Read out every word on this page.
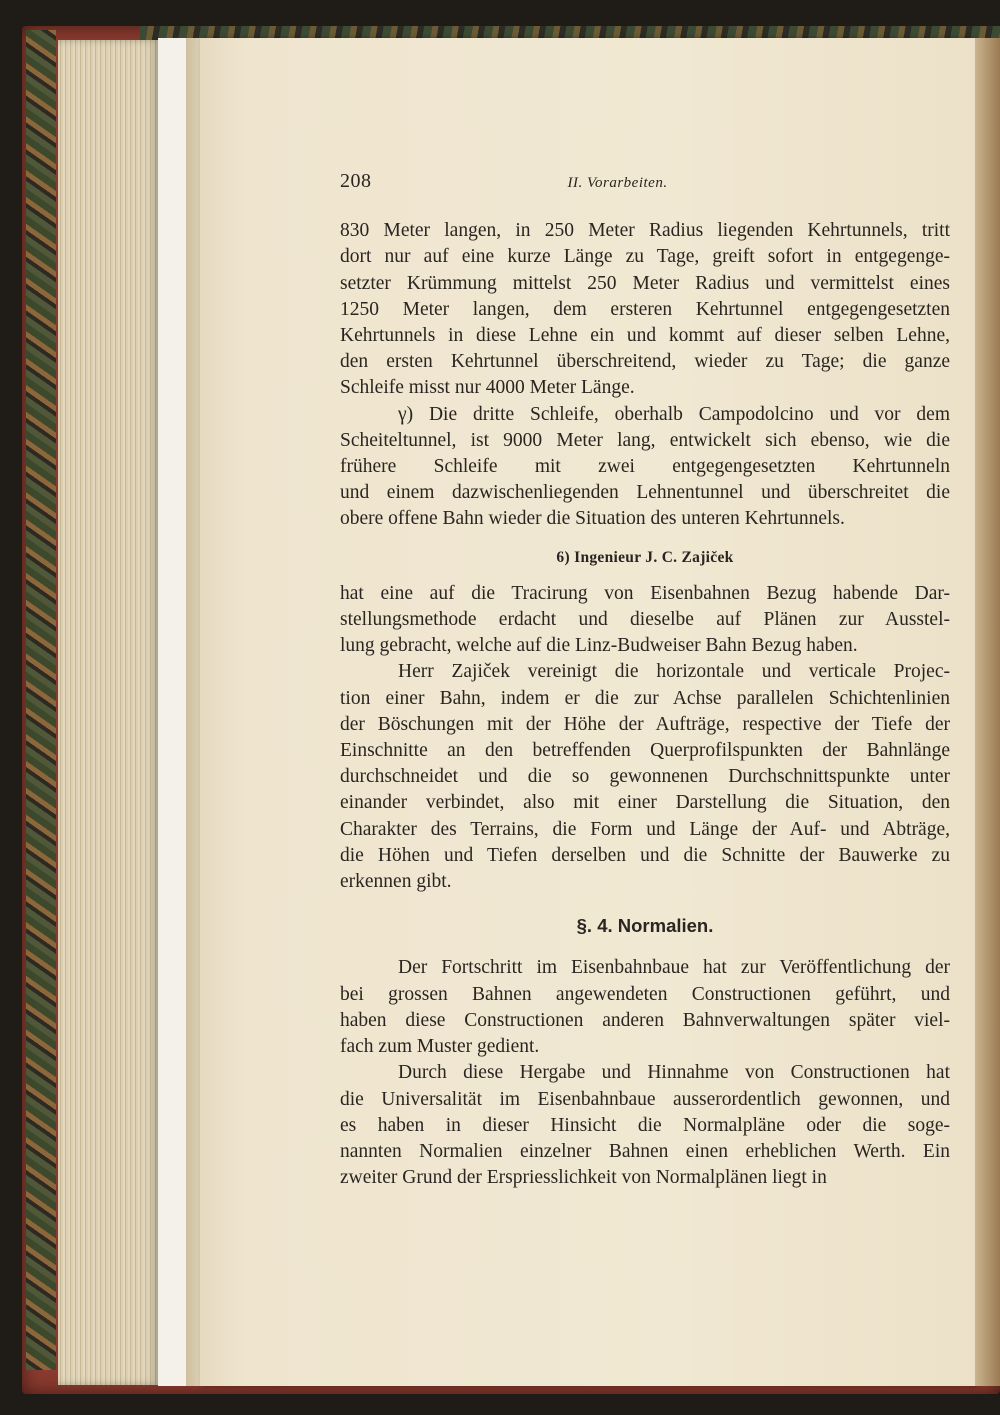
208	II. Vorarbeiten.
830 Meter langen, in 250 Meter Radius liegenden Kehrtunnels, tritt
dort nur auf eine kurze Länge zu Tage, greift sofort in entgegenge-
setzter Krümmung mittelst 250 Meter Radius und vermittelst eines
1250 Meter langen, dem ersteren Kehrtunnel entgegengesetzten
Kehrtunnels in diese Lehne ein und kommt auf dieser selben Lehne,
den ersten Kehrtunnel überschreitend, wieder zu Tage; die ganze
Schleife misst nur 4000 Meter Länge.
γ) Die dritte Schleife, oberhalb Campodolcino und vor dem
Scheiteltunnel, ist 9000 Meter lang, entwickelt sich ebenso, wie die
frühere Schleife mit zwei entgegengesetzten Kehrtunneln
und einem dazwischenliegenden Lehnentunnel und überschreitet die
obere offene Bahn wieder die Situation des unteren Kehrtunnels.
6) Ingenieur J. C. Zajiček
hat eine auf die Tracirung von Eisenbahnen Bezug habende Dar-
stellungsmethode erdacht und dieselbe auf Plänen zur Ausstel-
lung gebracht, welche auf die Linz-Budweiser Bahn Bezug haben.
Herr Zajiček vereinigt die horizontale und verticale Projec-
tion einer Bahn, indem er die zur Achse parallelen Schichtenlinien
der Böschungen mit der Höhe der Aufträge, respective der Tiefe der
Einschnitte an den betreffenden Querprofilspunkten der Bahnlänge
durchschneidet und die so gewonnenen Durchschnittspunkte unter
einander verbindet, also mit einer Darstellung die Situation, den
Charakter des Terrains, die Form und Länge der Auf- und Abträge,
die Höhen und Tiefen derselben und die Schnitte der Bauwerke zu
erkennen gibt.
§. 4. Normalien.
Der Fortschritt im Eisenbahnbaue hat zur Veröffentlichung der
bei grossen Bahnen angewendeten Constructionen geführt, und
haben diese Constructionen anderen Bahnverwaltungen später viel-
fach zum Muster gedient.
Durch diese Hergabe und Hinnahme von Constructionen hat
die Universalität im Eisenbahnbaue ausserordentlich gewonnen, und
es haben in dieser Hinsicht die Normalpläne oder die soge-
nannten Normalien einzelner Bahnen einen erheblichen Werth. Ein
zweiter Grund der Erspriesslichkeit von Normalplänen liegt in
